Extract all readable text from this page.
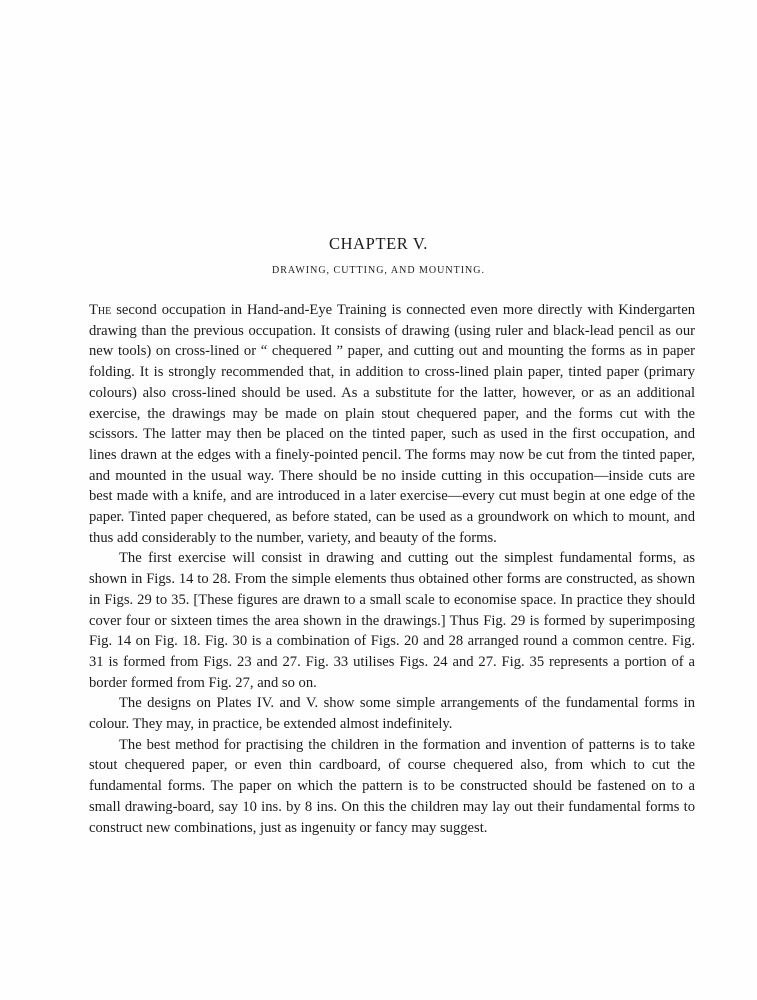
CHAPTER V.
DRAWING, CUTTING, AND MOUNTING.

The second occupation in Hand-and-Eye Training is connected even more directly with Kindergarten drawing than the previous occupation. It consists of drawing (using ruler and black-lead pencil as our new tools) on cross-lined or “ chequered ” paper, and cutting out and mounting the forms as in paper folding. It is strongly recommended that, in addition to cross-lined plain paper, tinted paper (primary colours) also cross-lined should be used. As a substitute for the latter, however, or as an additional exercise, the drawings may be made on plain stout chequered paper, and the forms cut with the scissors. The latter may then be placed on the tinted paper, such as used in the first occupation, and lines drawn at the edges with a finely-pointed pencil. The forms may now be cut from the tinted paper, and mounted in the usual way. There should be no inside cutting in this occupation—inside cuts are best made with a knife, and are introduced in a later exercise—every cut must begin at one edge of the paper. Tinted paper chequered, as before stated, can be used as a groundwork on which to mount, and thus add considerably to the number, variety, and beauty of the forms.

The first exercise will consist in drawing and cutting out the simplest fundamental forms, as shown in Figs. 14 to 28. From the simple elements thus obtained other forms are constructed, as shown in Figs. 29 to 35. [These figures are drawn to a small scale to economise space. In practice they should cover four or sixteen times the area shown in the drawings.] Thus Fig. 29 is formed by superimposing Fig. 14 on Fig. 18. Fig. 30 is a combination of Figs. 20 and 28 arranged round a common centre. Fig. 31 is formed from Figs. 23 and 27. Fig. 33 utilises Figs. 24 and 27. Fig. 35 represents a portion of a border formed from Fig. 27, and so on.

The designs on Plates IV. and V. show some simple arrangements of the fundamental forms in colour. They may, in practice, be extended almost indefinitely.

The best method for practising the children in the formation and invention of patterns is to take stout chequered paper, or even thin cardboard, of course chequered also, from which to cut the fundamental forms. The paper on which the pattern is to be constructed should be fastened on to a small drawing-board, say 10 ins. by 8 ins. On this the children may lay out their fundamental forms to construct new combinations, just as ingenuity or fancy may suggest.
